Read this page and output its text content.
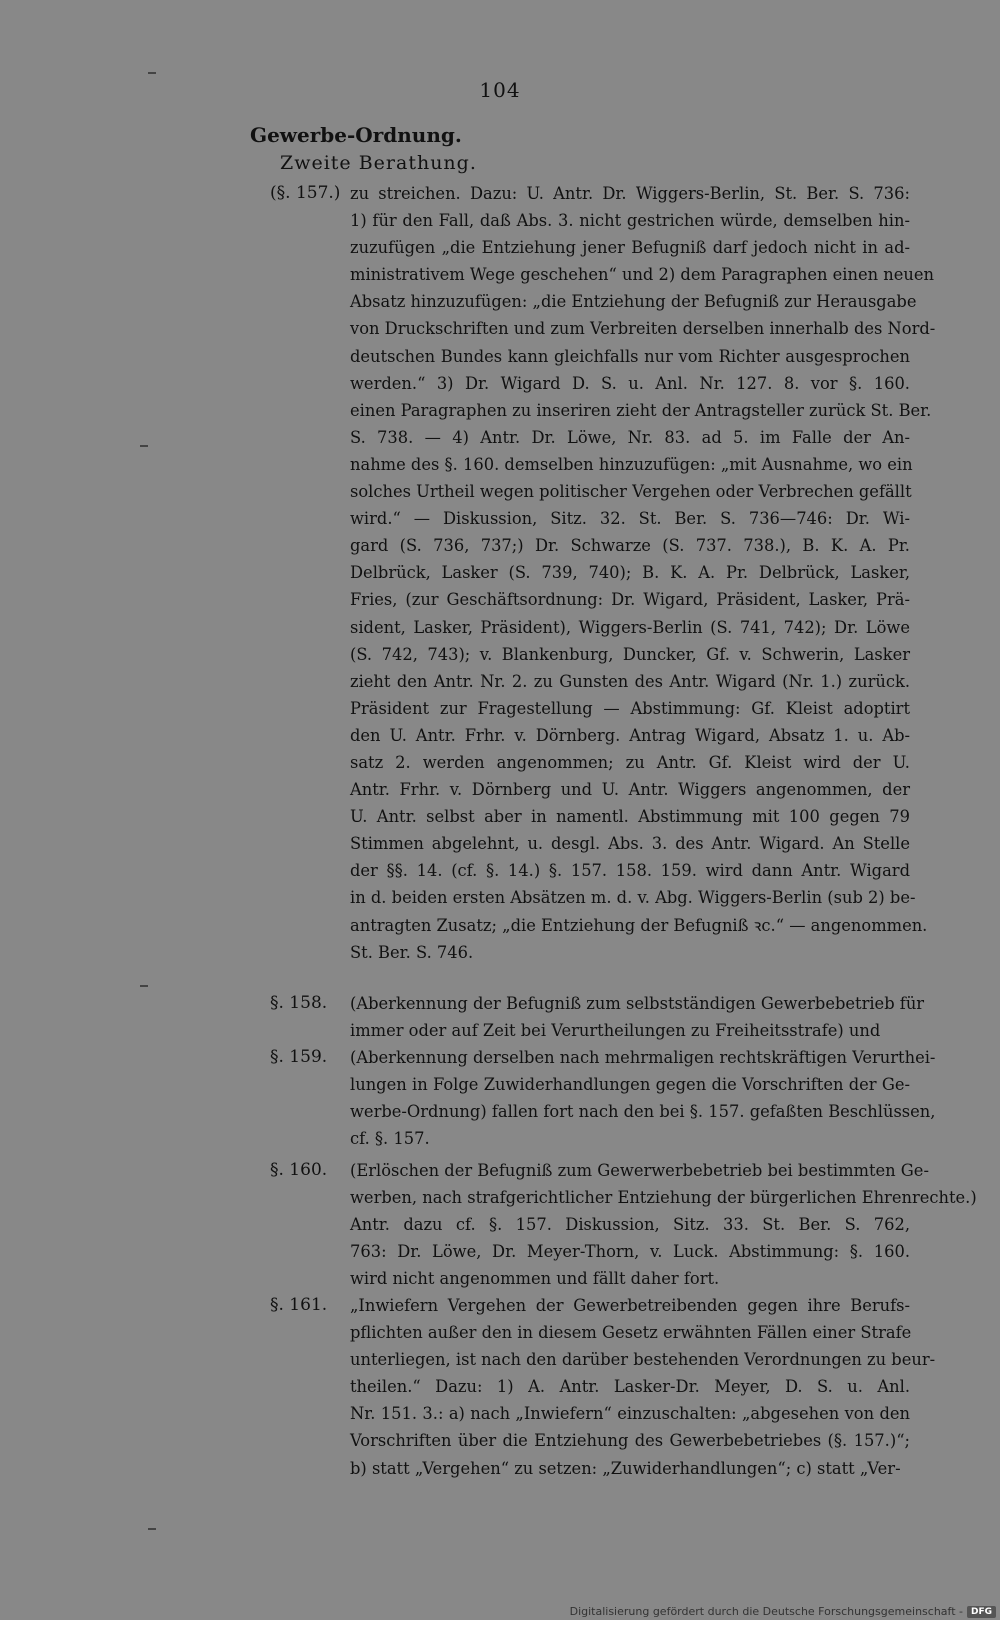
104
Gewerbe-Ordnung.
Zweite Berathung.
(§. 157.) zu streichen. Dazu: U. Antr. Dr. Wiggers-Berlin, St. Ber. S. 736:
1) für den Fall, daß Abs. 3. nicht gestrichen würde, demselben hin-
zuzufügen „die Entziehung jener Befugniß darf jedoch nicht in ad-
ministrativem Wege geschehen“ und 2) dem Paragraphen einen neuen
Absatz hinzuzufügen: „die Entziehung der Befugniß zur Herausgabe
von Druckschriften und zum Verbreiten derselben innerhalb des Nord-
deutschen Bundes kann gleichfalls nur vom Richter ausgesprochen
werden.“ 3) Dr. Wigard D. S. u. Anl. Nr. 127. 8. vor §. 160.
einen Paragraphen zu inseriren zieht der Antragsteller zurück St. Ber.
S. 738. — 4) Antr. Dr. Löwe, Nr. 83. ad 5. im Falle der An-
nahme des §. 160. demselben hinzuzufügen: „mit Ausnahme, wo ein
solches Urtheil wegen politischer Vergehen oder Verbrechen gefällt
wird.“ — Diskussion, Sitz. 32. St. Ber. S. 736—746: Dr. Wi-
gard (S. 736, 737;) Dr. Schwarze (S. 737. 738.), B. K. A. Pr.
Delbrück, Lasker (S. 739, 740); B. K. A. Pr. Delbrück, Lasker,
Fries, (zur Geschäftsordnung: Dr. Wigard, Präsident, Lasker, Prä-
sident, Lasker, Präsident), Wiggers-Berlin (S. 741, 742); Dr. Löwe
(S. 742, 743); v. Blankenburg, Duncker, Gf. v. Schwerin, Lasker
zieht den Antr. Nr. 2. zu Gunsten des Antr. Wigard (Nr. 1.) zurück.
Präsident zur Fragestellung — Abstimmung: Gf. Kleist adoptirt
den U. Antr. Frhr. v. Dörnberg. Antrag Wigard, Absatz 1. u. Ab-
satz 2. werden angenommen; zu Antr. Gf. Kleist wird der U.
Antr. Frhr. v. Dörnberg und U. Antr. Wiggers angenommen, der
U. Antr. selbst aber in namentl. Abstimmung mit 100 gegen 79
Stimmen abgelehnt, u. desgl. Abs. 3. des Antr. Wigard. An Stelle
der §§. 14. (cf. §. 14.) §. 157. 158. 159. wird dann Antr. Wigard
in d. beiden ersten Absätzen m. d. v. Abg. Wiggers-Berlin (sub 2) be-
antragten Zusatz; „die Entziehung der Befugniß ꝛc.“ — angenommen.
St. Ber. S. 746.
§. 158. (Aberkennung der Befugniß zum selbstständigen Gewerbebetrieb für
immer oder auf Zeit bei Verurtheilungen zu Freiheitsstrafe) und
§. 159. (Aberkennung derselben nach mehrmaligen rechtskräftigen Verurthei-
lungen in Folge Zuwiderhandlungen gegen die Vorschriften der Ge-
werbe-Ordnung) fallen fort nach den bei §. 157. gefaßten Beschlüssen,
cf. §. 157.
§. 160. (Erlöschen der Befugniß zum Gewerwerbebetrieb bei bestimmten Ge-
werben, nach strafgerichtlicher Entziehung der bürgerlichen Ehrenrechte.)
Antr. dazu cf. §. 157. Diskussion, Sitz. 33. St. Ber. S. 762,
763: Dr. Löwe, Dr. Meyer-Thorn, v. Luck. Abstimmung: §. 160.
wird nicht angenommen und fällt daher fort.
§. 161. „Inwiefern Vergehen der Gewerbetreibenden gegen ihre Berufs-
pflichten außer den in diesem Gesetz erwähnten Fällen einer Strafe
unterliegen, ist nach den darüber bestehenden Verordnungen zu beur-
theilen.“ Dazu: 1) A. Antr. Lasker-Dr. Meyer, D. S. u. Anl.
Nr. 151. 3.: a) nach „Inwiefern“ einzuschalten: „abgesehen von den
Vorschriften über die Entziehung des Gewerbebetriebes (§. 157.)“;
b) statt „Vergehen“ zu setzen: „Zuwiderhandlungen“; c) statt „Ver-
Digitalisierung gefördert durch die Deutsche Forschungsgemeinschaft - DFG
